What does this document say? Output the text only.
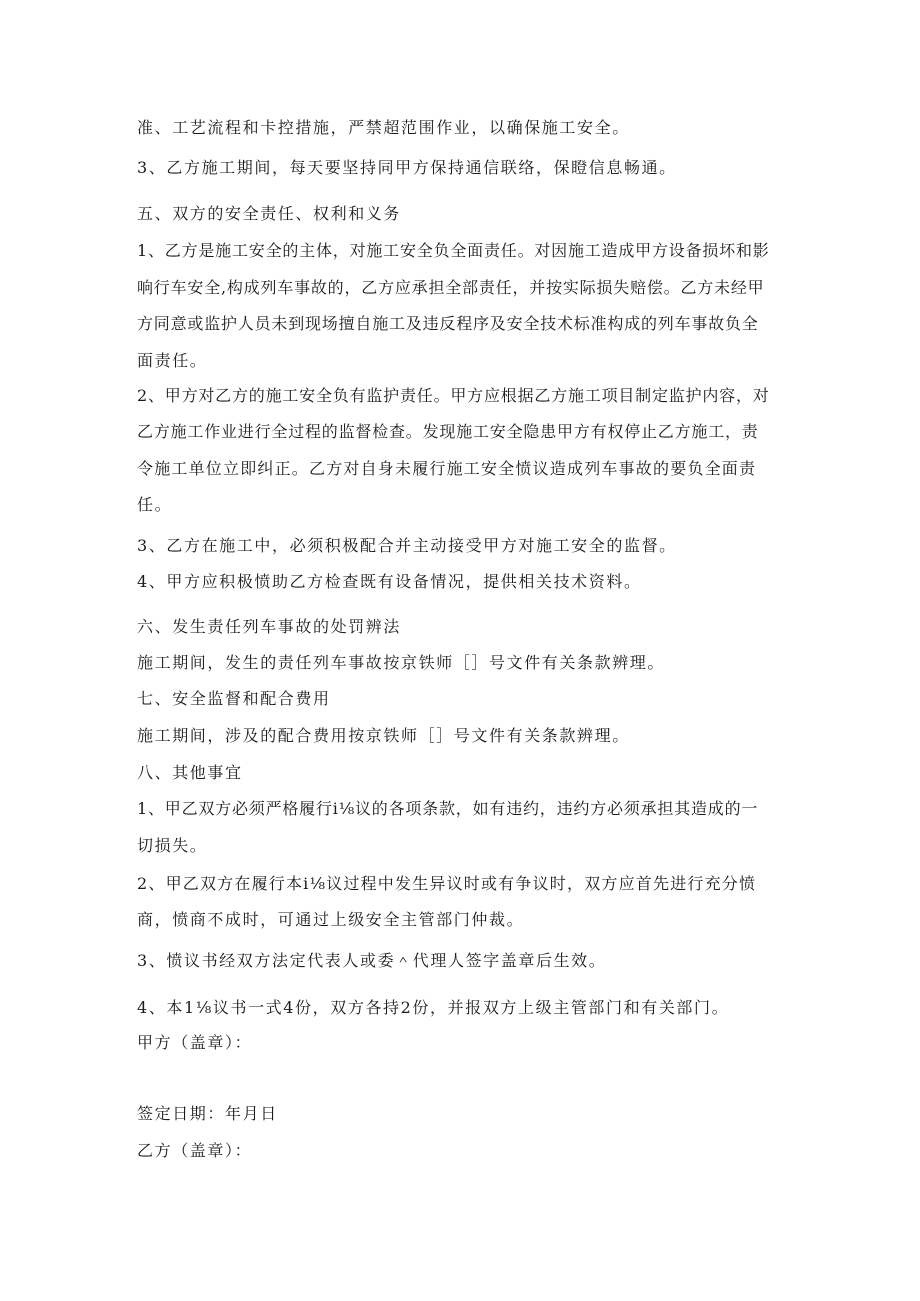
准、工艺流程和卡控措施，严禁超范围作业，以确保施工安全。
3、乙方施工期间，每天要坚持同甲方保持通信联络，保瞪信息畅通。
五、双方的安全责任、权利和义务
1、乙方是施工安全的主体，对施工安全负全面责任。对因施工造成甲方设备损坏和影
响行车安全,构成列车事故的，乙方应承担全部责任，并按实际损失赔偿。乙方未经甲
方同意或监护人员未到现场擅自施工及违反程序及安全技术标准构成的列车事故负全
面责任。
2、甲方对乙方的施工安全负有监护责任。甲方应根据乙方施工项目制定监护内容，对
乙方施工作业进行全过程的监督检查。发现施工安全隐患甲方有权停止乙方施工，责
令施工单位立即纠正。乙方对自身未履行施工安全愤议造成列车事故的要负全面责
任。
3、乙方在施工中，必须积极配合并主动接受甲方对施工安全的监督。
4、甲方应积极愤助乙方检查既有设备情况，提供相关技术资料。
六、发生责任列车事故的处罚辨法
施工期间，发生的责任列车事故按京铁师［］号文件有关条款辨理。
七、安全监督和配合费用
施工期间，涉及的配合费用按京铁师［］号文件有关条款辨理。
八、其他事宜
1、甲乙双方必须严格履行i⅛议的各项条款，如有违约，违约方必须承担其造成的一
切损失。
2、甲乙双方在履行本i⅛议过程中发生异议时或有争议时，双方应首先进行充分愤
商，愤商不成时，可通过上级安全主管部门仲裁。
3、愤议书经双方法定代表人或委＾代理人签字盖章后生效。
4、本1⅛议书一式4份，双方各持2份，并报双方上级主管部门和有关部门。
甲方（盖章）：
签定日期：年月日
乙方（盖章）：
